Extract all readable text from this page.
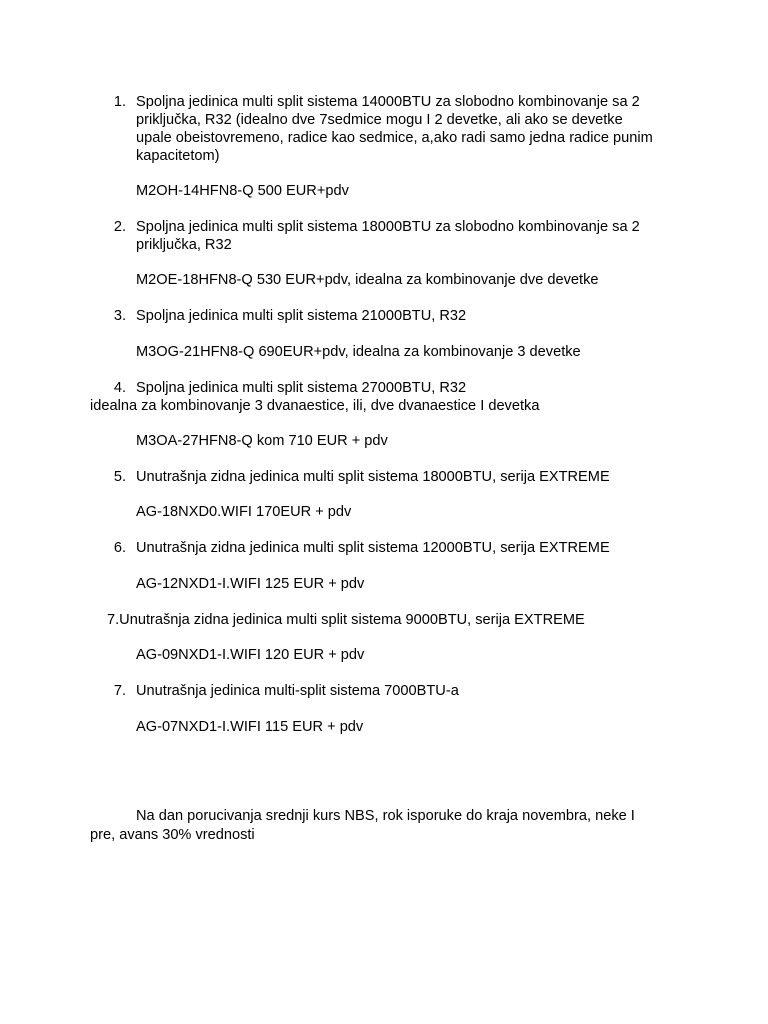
1. Spoljna jedinica multi split sistema 14000BTU za slobodno kombinovanje sa 2
priključka, R32 (idealno dve 7sedmice mogu I 2 devetke, ali ako se devetke
upale obeistovremeno, radice kao sedmice, a,ako radi samo jedna radice punim
kapacitetom)
M2OH-14HFN8-Q 500 EUR+pdv
2. Spoljna jedinica multi split sistema 18000BTU za slobodno kombinovanje sa 2
priključka, R32
M2OE-18HFN8-Q 530 EUR+pdv, idealna za kombinovanje dve devetke
3. Spoljna jedinica multi split sistema 21000BTU, R32
M3OG-21HFN8-Q 690EUR+pdv, idealna za kombinovanje 3 devetke
4. Spoljna jedinica multi split sistema 27000BTU, R32
idealna za kombinovanje 3 dvanaestice, ili, dve dvanaestice I devetka
M3OA-27HFN8-Q kom 710 EUR + pdv
5. Unutrašnja zidna jedinica multi split sistema 18000BTU, serija EXTREME
AG-18NXD0.WIFI 170EUR + pdv
6. Unutrašnja zidna jedinica multi split sistema 12000BTU, serija EXTREME
AG-12NXD1-I.WIFI 125 EUR + pdv
7.Unutrašnja zidna jedinica multi split sistema 9000BTU, serija EXTREME
AG-09NXD1-I.WIFI 120 EUR + pdv
7. Unutrašnja jedinica multi-split sistema 7000BTU-a
AG-07NXD1-I.WIFI 115 EUR + pdv
Na dan porucivanja srednji kurs NBS, rok isporuke do kraja novembra, neke I
pre, avans 30% vrednosti
